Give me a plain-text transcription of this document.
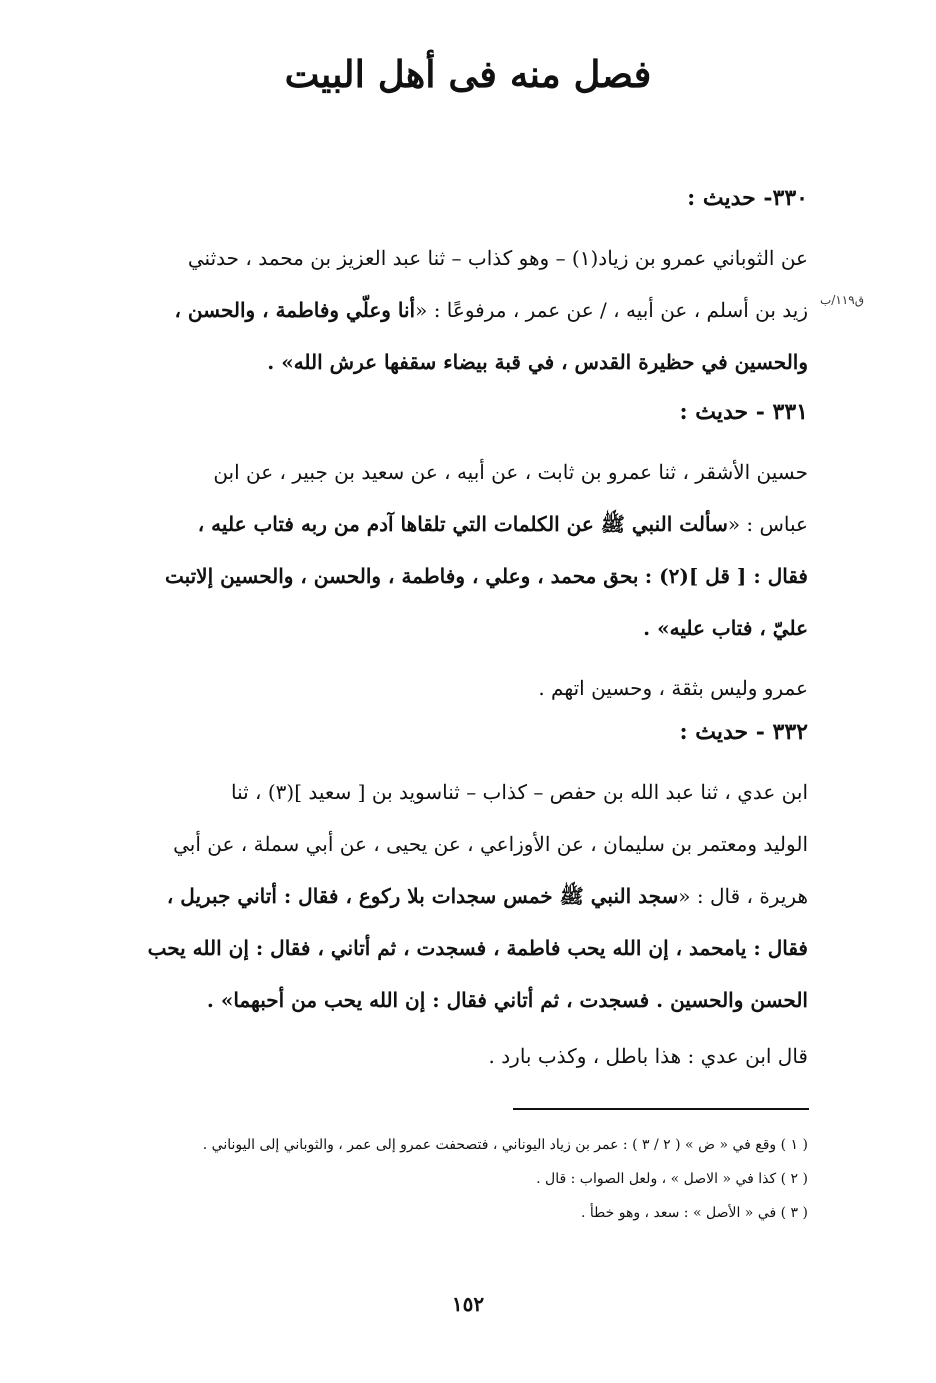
فصل منه فى أهل البيت
ق١١٩/ب
٣٣٠- حديث :
عن الثوباني عمرو بن زياد(١) – وهو كذاب – ثنا عبد العزيز بن محمد ، حدثني
زيد بن أسلم ، عن أبيه ، / عن عمر ، مرفوعًا : «أنا وعلّي وفاطمة ، والحسن ،
والحسين في حظيرة القدس ، في قبة بيضاء سقفها عرش الله» .
٣٣١ - حديث :
حسين الأشقر ، ثنا عمرو بن ثابت ، عن أبيه ، عن سعيد بن جبير ، عن ابن
عباس : «سألت النبي ﷺ عن الكلمات التي تلقاها آدم من ربه فتاب عليه ،
فقال : [ قل ](٢) : بحق محمد ، وعلي ، وفاطمة ، والحسن ، والحسين إلاتبت
عليّ ، فتاب عليه» .
عمرو وليس بثقة ، وحسين اتهم .
٣٣٢ - حديث :
ابن عدي ، ثنا عبد الله بن حفص – كذاب – ثناسويد بن [ سعيد ](٣) ، ثنا
الوليد ومعتمر بن سليمان ، عن الأوزاعي ، عن يحيى ، عن أبي سملة ، عن أبي
هريرة ، قال : «سجد النبي ﷺ خمس سجدات بلا ركوع ، فقال : أتاني جبريل ،
فقال : يامحمد ، إن الله يحب فاطمة ، فسجدت ، ثم أتاني ، فقال : إن الله يحب
الحسن والحسين . فسجدت ، ثم أتاني فقال : إن الله يحب من أحبهما» .
قال ابن عدي : هذا باطل ، وكذب بارد .
( ١ ) وقع في « ض » ( ٢ / ٣ ) : عمر بن زياد اليوناني ، فتصحفت عمرو إلى عمر ، والثوباني إلى اليوناني .
( ٢ ) كذا في « الاصل » ، ولعل الصواب : قال .
( ٣ ) في « الأصل » : سعد ، وهو خطأ .
١٥٢
